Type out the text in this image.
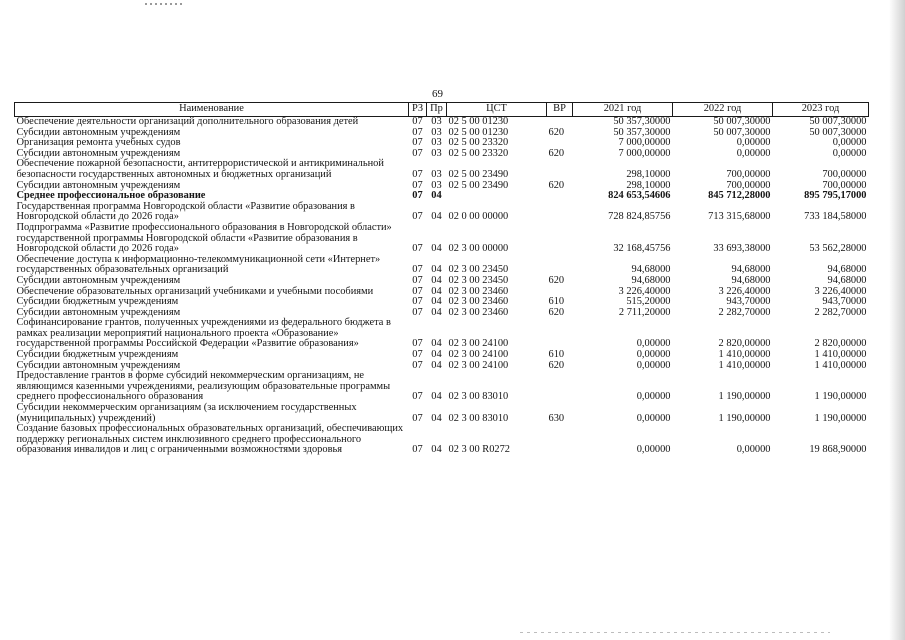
69
Наименование	РЗ	Пр	ЦСТ	ВР	2021 год	2022 год	2023 год
Обеспечение деятельности организаций дополнительного образования детей	07	03	02 5 00 01230		50 357,30000	50 007,30000	50 007,30000
Субсидии автономным учреждениям	07	03	02 5 00 01230	620	50 357,30000	50 007,30000	50 007,30000
Организация ремонта учебных судов	07	03	02 5 00 23320		7 000,00000	0,00000	0,00000
Субсидии автономным учреждениям	07	03	02 5 00 23320	620	7 000,00000	0,00000	0,00000
Обеспечение пожарной безопасности, антитеррористической и антикриминальной безопасности государственных автономных и бюджетных организаций	07	03	02 5 00 23490		298,10000	700,00000	700,00000
Субсидии автономным учреждениям	07	03	02 5 00 23490	620	298,10000	700,00000	700,00000
Среднее профессиональное образование	07	04			824 653,54606	845 712,28000	895 795,17000
Государственная программа Новгородской области «Развитие образования в Новгородской области до 2026 года»	07	04	02 0 00 00000		728 824,85756	713 315,68000	733 184,58000
Подпрограмма «Развитие профессионального образования в Новгородской области» государственной программы Новгородской области «Развитие образования в Новгородской области до 2026 года»	07	04	02 3 00 00000		32 168,45756	33 693,38000	53 562,28000
Обеспечение доступа к информационно-телекоммуникационной сети «Интернет» государственных образовательных организаций	07	04	02 3 00 23450		94,68000	94,68000	94,68000
Субсидии автономным учреждениям	07	04	02 3 00 23450	620	94,68000	94,68000	94,68000
Обеспечение образовательных организаций учебниками и учебными пособиями	07	04	02 3 00 23460		3 226,40000	3 226,40000	3 226,40000
Субсидии бюджетным учреждениям	07	04	02 3 00 23460	610	515,20000	943,70000	943,70000
Субсидии автономным учреждениям	07	04	02 3 00 23460	620	2 711,20000	2 282,70000	2 282,70000
Софинансирование грантов, полученных учреждениями из федерального бюджета в рамках реализации мероприятий национального проекта «Образование» государственной программы Российской Федерации «Развитие образования»	07	04	02 3 00 24100		0,00000	2 820,00000	2 820,00000
Субсидии бюджетным учреждениям	07	04	02 3 00 24100	610	0,00000	1 410,00000	1 410,00000
Субсидии автономным учреждениям	07	04	02 3 00 24100	620	0,00000	1 410,00000	1 410,00000
Предоставление грантов в форме субсидий некоммерческим организациям, не являющимся казенными учреждениями, реализующим образовательные программы среднего профессионального образования	07	04	02 3 00 83010		0,00000	1 190,00000	1 190,00000
Субсидии некоммерческим организациям (за исключением государственных (муниципальных) учреждений)	07	04	02 3 00 83010	630	0,00000	1 190,00000	1 190,00000
Создание базовых профессиональных образовательных организаций, обеспечивающих поддержку региональных систем инклюзивного среднего профессионального образования инвалидов и лиц с ограниченными возможностями здоровья	07	04	02 3 00 R0272		0,00000	0,00000	19 868,90000
